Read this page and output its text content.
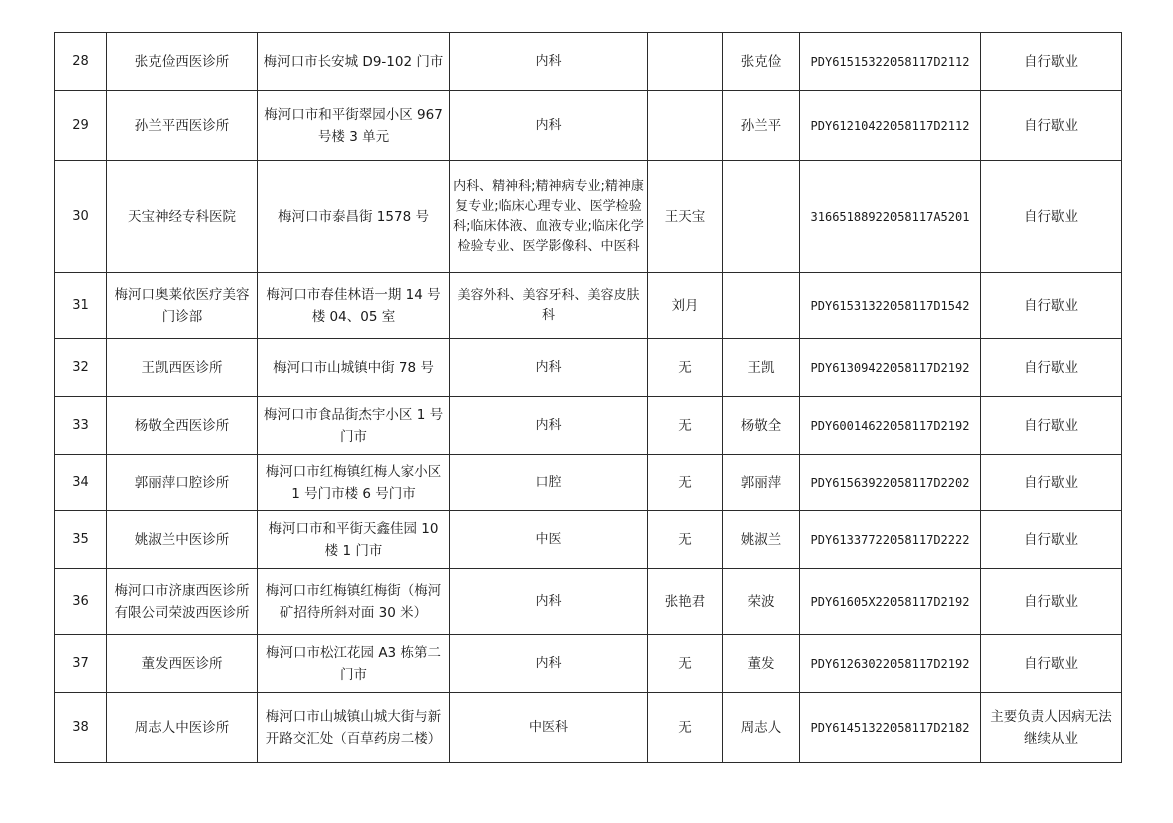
28	张克俭西医诊所	梅河口市长安城 D9-102 门市	内科		张克俭	PDY61515322058117D2112	自行歇业
29	孙兰平西医诊所	梅河口市和平街翠园小区 967 号楼 3 单元	内科		孙兰平	PDY61210422058117D2112	自行歇业
30	天宝神经专科医院	梅河口市泰昌街 1578 号	内科、精神科;精神病专业;精神康复专业;临床心理专业、医学检验科;临床体液、血液专业;临床化学检验专业、医学影像科、中医科	王天宝		31665188922058117A5201	自行歇业
31	梅河口奥莱依医疗美容门诊部	梅河口市春佳林语一期 14 号楼 04、05 室	美容外科、美容牙科、美容皮肤科	刘月		PDY61531322058117D1542	自行歇业
32	王凯西医诊所	梅河口市山城镇中街 78 号	内科	无	王凯	PDY61309422058117D2192	自行歇业
33	杨敬全西医诊所	梅河口市食品街杰宇小区 1 号门市	内科	无	杨敬全	PDY60014622058117D2192	自行歇业
34	郭丽萍口腔诊所	梅河口市红梅镇红梅人家小区 1 号门市楼 6 号门市	口腔	无	郭丽萍	PDY61563922058117D2202	自行歇业
35	姚淑兰中医诊所	梅河口市和平街天鑫佳园 10 楼 1 门市	中医	无	姚淑兰	PDY61337722058117D2222	自行歇业
36	梅河口市济康西医诊所有限公司荣波西医诊所	梅河口市红梅镇红梅街（梅河矿招待所斜对面 30 米）	内科	张艳君	荣波	PDY61605X22058117D2192	自行歇业
37	董发西医诊所	梅河口市松江花园 A3 栋第二门市	内科	无	董发	PDY61263022058117D2192	自行歇业
38	周志人中医诊所	梅河口市山城镇山城大街与新开路交汇处（百草药房二楼）	中医科	无	周志人	PDY61451322058117D2182	主要负责人因病无法继续从业
